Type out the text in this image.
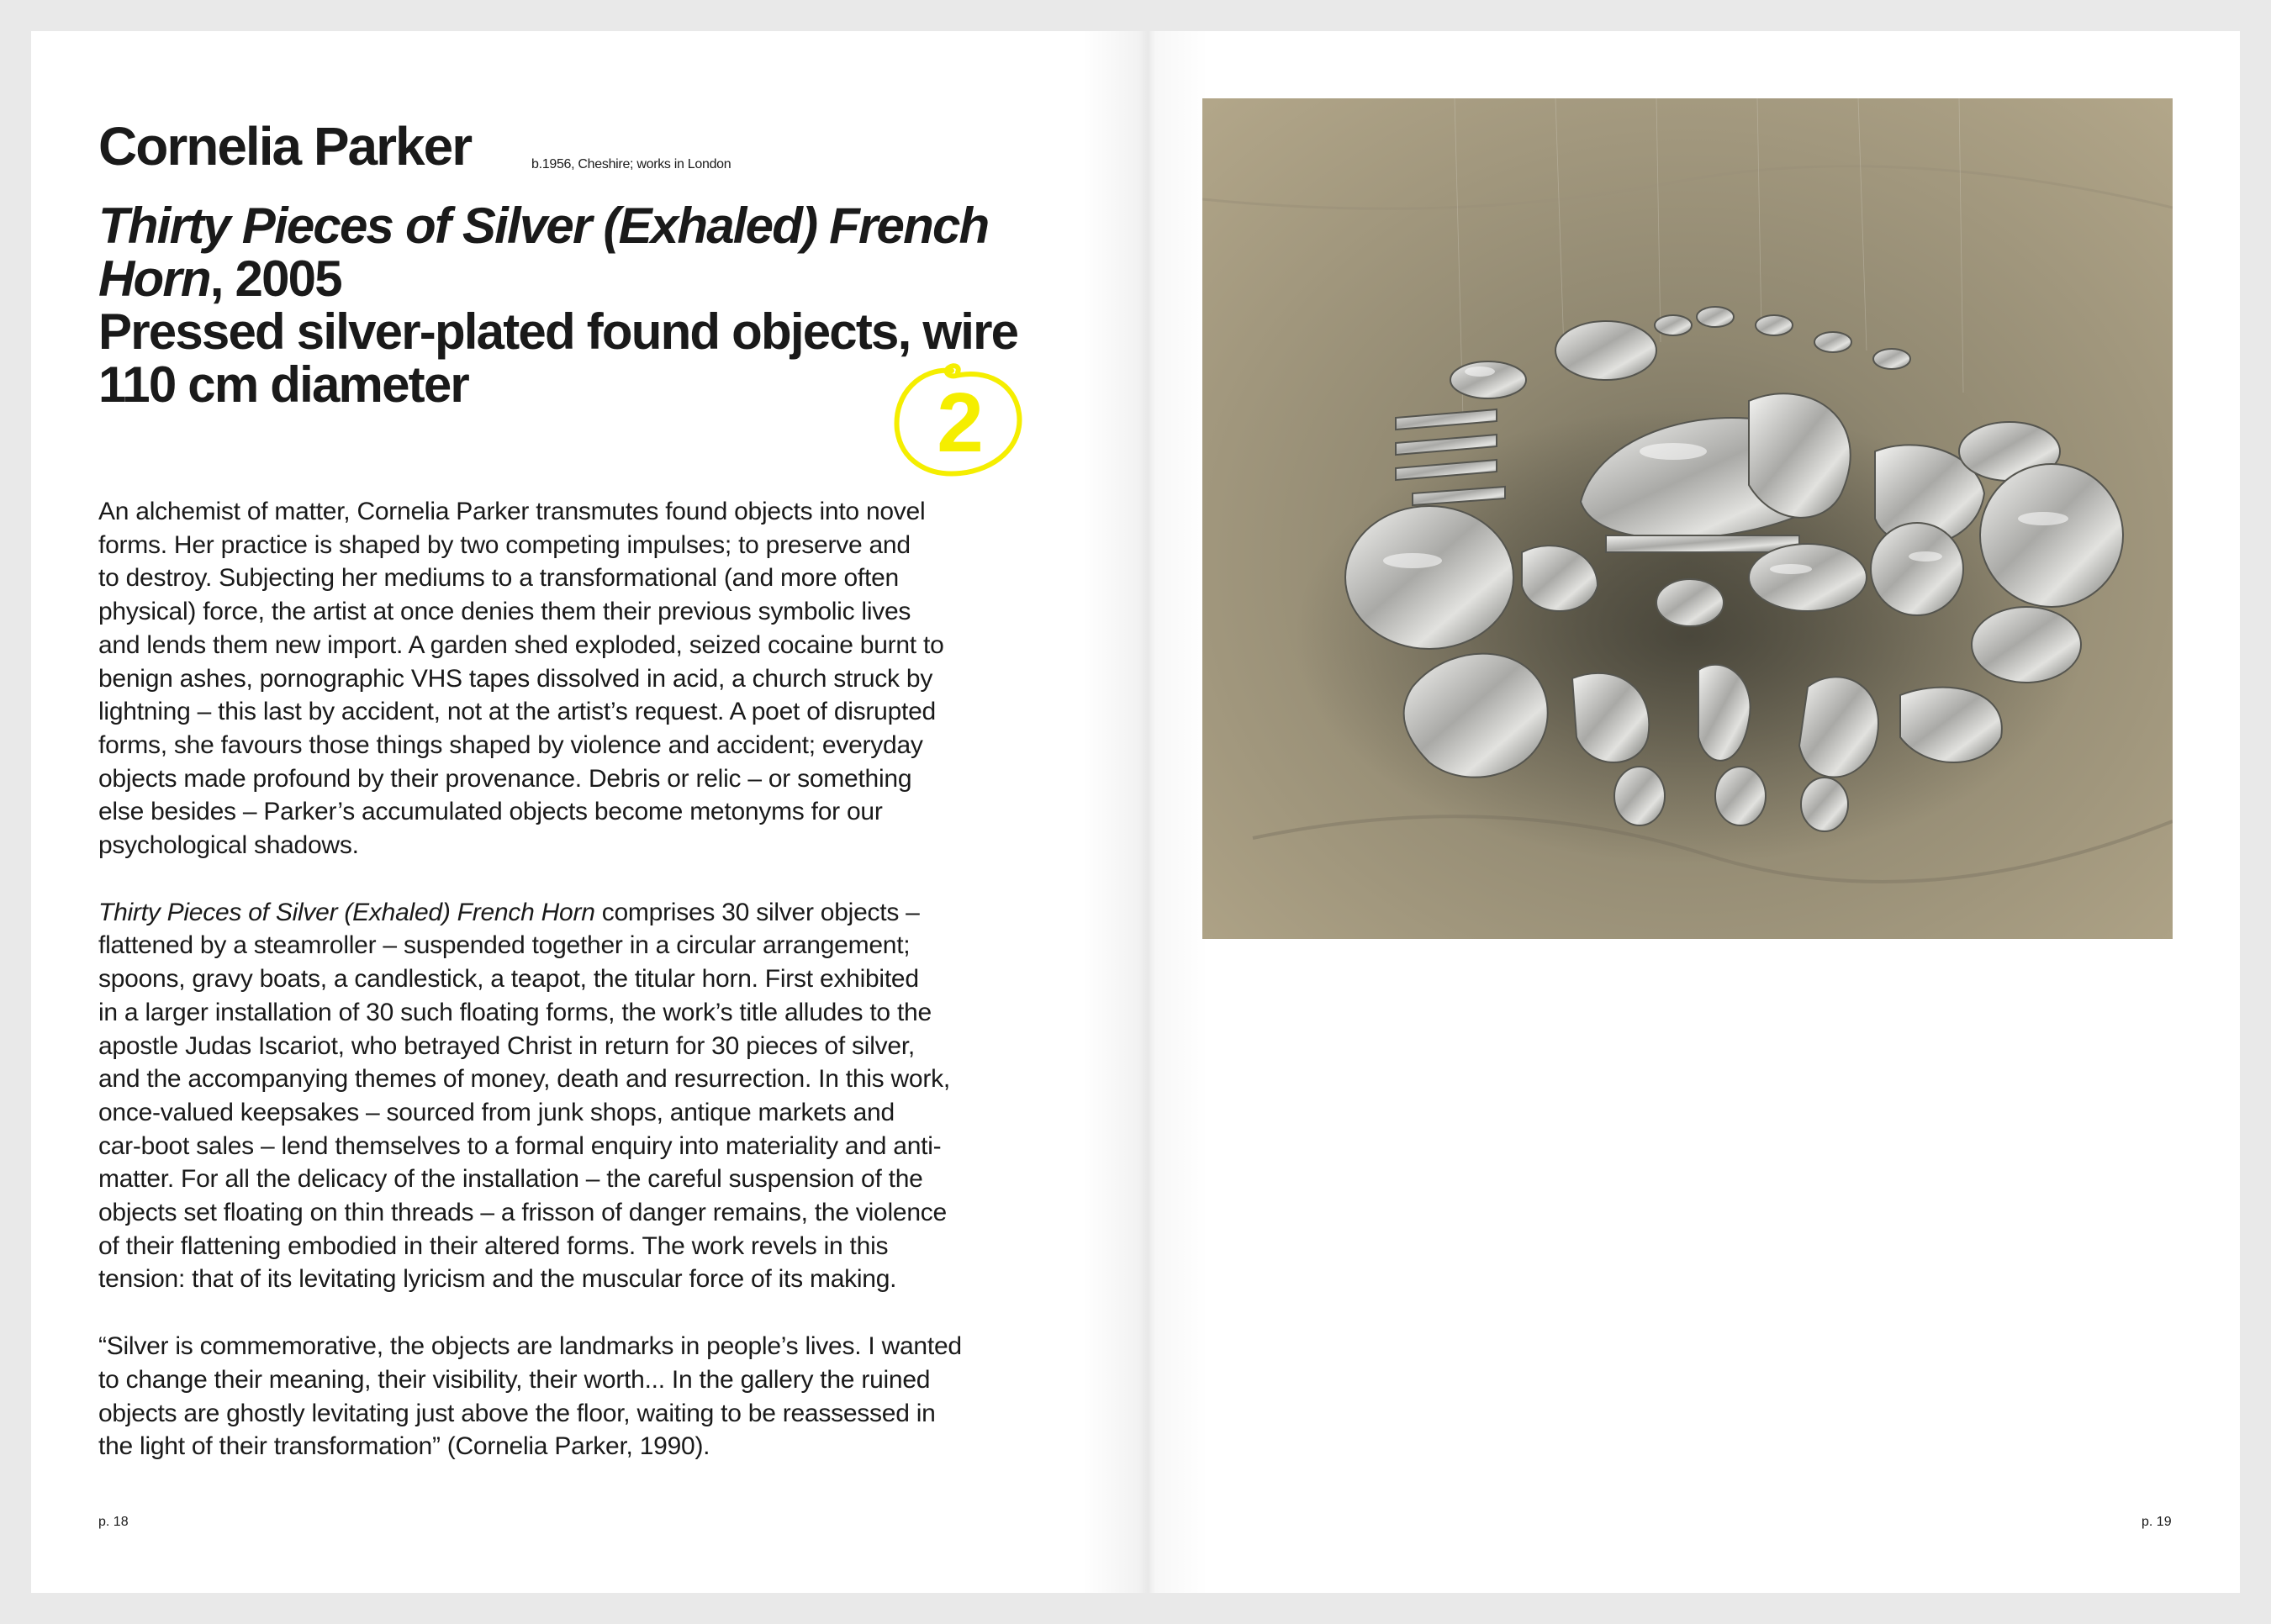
Cornelia Parker	b.1956, Cheshire; works in London
Thirty Pieces of Silver (Exhaled) French
Horn, 2005
Pressed silver-plated found objects, wire
110 cm diameter

An alchemist of matter, Cornelia Parker transmutes found objects into novel
forms. Her practice is shaped by two competing impulses; to preserve and
to destroy. Subjecting her mediums to a transformational (and more often
physical) force, the artist at once denies them their previous symbolic lives
and lends them new import. A garden shed exploded, seized cocaine burnt to
benign ashes, pornographic VHS tapes dissolved in acid, a church struck by
lightning – this last by accident, not at the artist’s request. A poet of disrupted
forms, she favours those things shaped by violence and accident; everyday
objects made profound by their provenance. Debris or relic – or something
else besides – Parker’s accumulated objects become metonyms for our
psychological shadows.

Thirty Pieces of Silver (Exhaled) French Horn comprises 30 silver objects –
flattened by a steamroller – suspended together in a circular arrangement;
spoons, gravy boats, a candlestick, a teapot, the titular horn. First exhibited
in a larger installation of 30 such floating forms, the work’s title alludes to the
apostle Judas Iscariot, who betrayed Christ in return for 30 pieces of silver,
and the accompanying themes of money, death and resurrection. In this work,
once-valued keepsakes – sourced from junk shops, antique markets and
car-boot sales – lend themselves to a formal enquiry into materiality and anti-
matter. For all the delicacy of the installation – the careful suspension of the
objects set floating on thin threads – a frisson of danger remains, the violence
of their flattening embodied in their altered forms. The work revels in this
tension: that of its levitating lyricism and the muscular force of its making.

“Silver is commemorative, the objects are landmarks in people’s lives. I wanted
to change their meaning, their visibility, their worth... In the gallery the ruined
objects are ghostly levitating just above the floor, waiting to be reassessed in
the light of their transformation” (Cornelia Parker, 1990).

2
p. 18	p. 19
